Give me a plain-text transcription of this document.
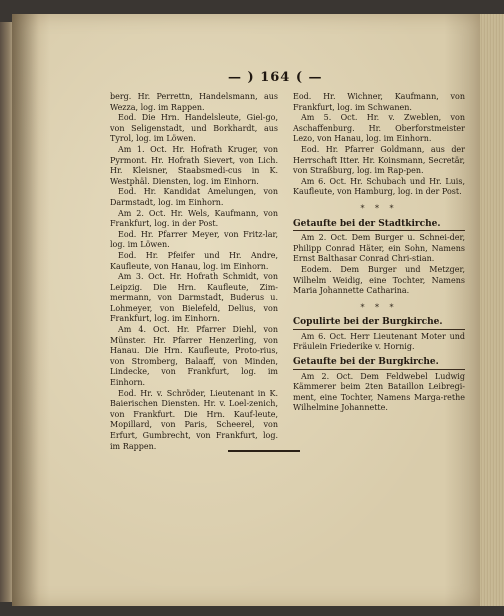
— ) 164 ( —

berg. Hr. Perrettn, Handelsmann, aus Wezza, log. im Rappen.

Eod. Die Hrn. Handelsleute, Giel-go, von Seligenstadt, und Borkhardt, aus Tyrol, log. im Löwen.

Am 1. Oct. Hr. Hofrath Kruger, von Pyrmont. Hr. Hofrath Sievert, von Lich. Hr. Kleisner, Staabsmedi-cus in K. Westphäl. Diensten, log. im Einhorn.

Eod. Hr. Kandidat Amelungen, von Darmstadt, log. im Einhorn.

Am 2. Oct. Hr. Wels, Kaufmann, von Frankfurt, log. in der Post.

Eod. Hr. Pfarrer Meyer, von Fritz-lar, log. im Löwen.

Eod. Hr. Pfeifer und Hr. Andre, Kaufleute, von Hanau, log. im Einhorn.

Am 3. Oct. Hr. Hofrath Schmidt, von Leipzig. Die Hrn. Kaufleute, Zim-mermann, von Darmstadt, Buderus u. Lohmeyer, von Bielefeld, Delius, von Frankfurt, log. im Einhorn.

Am 4. Oct. Hr. Pfarrer Diehl, von Münster. Hr. Pfarrer Henzerling, von Hanau. Die Hrn. Kaufleute, Proto-rius, von Stromberg, Balaaff, von Minden, Lindecke, von Frankfurt, log. im Einhorn.

Eod. Hr. v. Schröder, Lieutenant in K. Baierischen Diensten. Hr. v. Loel-zenich, von Frankfurt. Die Hrn. Kauf-leute, Mopillard, von Paris, Scheerel, von Erfurt, Gumbrecht, von Frankfurt, log. im Rappen.

Eod. Hr. Wichner, Kaufmann, von Frankfurt, log. im Schwanen.

Am 5. Oct. Hr. v. Zweblen, von Aschaffenburg. Hr. Oberforstmeister Lezo, von Hanau, log. im Einhorn.

Eod. Hr. Pfarrer Goldmann, aus der Herrschaft Itter. Hr. Koinsmann, Secretär, von Straßburg, log. im Rap-pen.

Am 6. Oct. Hr. Schubach und Hr. Luis, Kaufleute, von Hamburg, log. in der Post.

* * *

Getaufte bei der Stadtkirche.

Am 2. Oct. Dem Burger u. Schnei-der, Philipp Conrad Häter, ein Sohn, Namens Ernst Balthasar Conrad Chri-stian.

Eodem. Dem Burger und Metzger, Wilhelm Weidig, eine Tochter, Namens Maria Johannette Catharina.

* * *

Copulirte bei der Burgkirche.

Am 6. Oct. Herr Lieutenant Moter und Fräulein Friederike v. Hornig.

Getaufte bei der Burgkirche.

Am 2. Oct. Dem Feldwebel Ludwig Kämmerer beim 2ten Bataillon Leibregi-ment, eine Tochter, Namens Marga-rethe Wilhelmine Johannette.
